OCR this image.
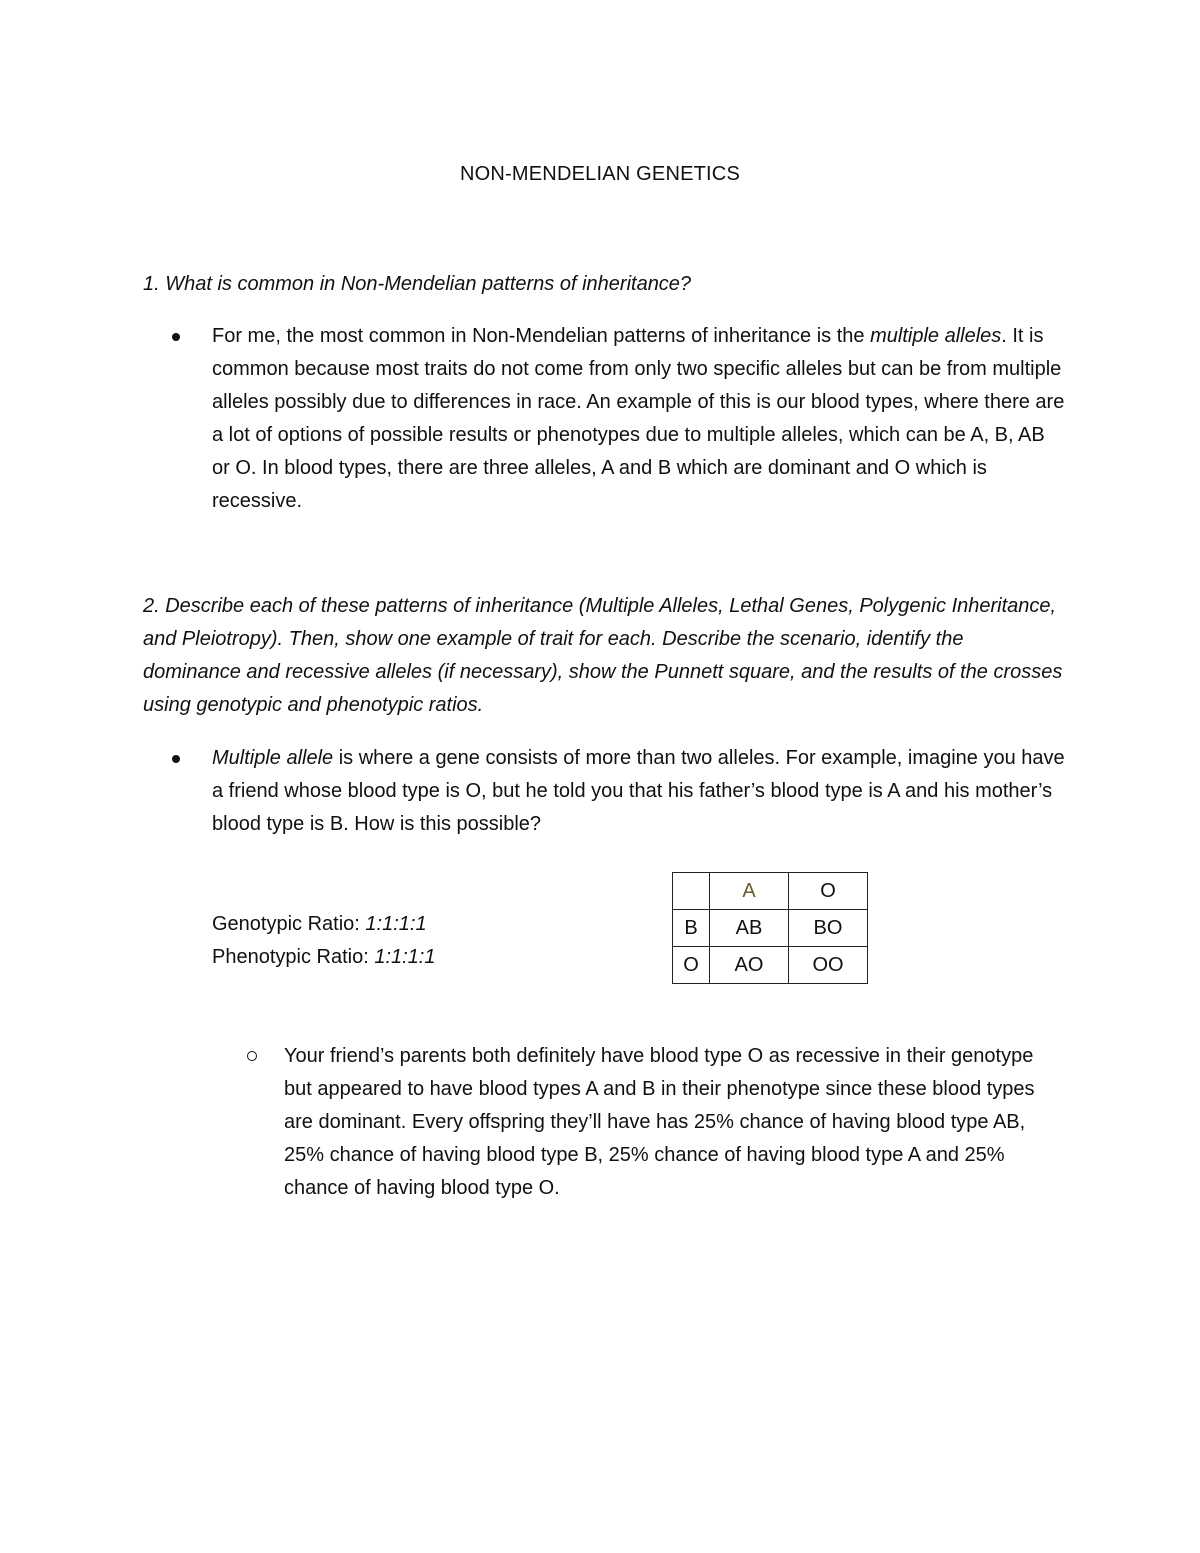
NON-MENDELIAN GENETICS
1. What is common in Non-Mendelian patterns of inheritance?
For me, the most common in Non-Mendelian patterns of inheritance is the multiple alleles. It is common because most traits do not come from only two specific alleles but can be from multiple alleles possibly due to differences in race. An example of this is our blood types, where there are a lot of options of possible results or phenotypes due to multiple alleles, which can be A, B, AB or O. In blood types, there are three alleles, A and B which are dominant and O which is recessive.
2. Describe each of these patterns of inheritance (Multiple Alleles, Lethal Genes, Polygenic Inheritance, and Pleiotropy). Then, show one example of trait for each. Describe the scenario, identify the dominance and recessive alleles (if necessary), show the Punnett square, and the results of the crosses using genotypic and phenotypic ratios.
Multiple allele is where a gene consists of more than two alleles. For example, imagine you have a friend whose blood type is O, but he told you that his father’s blood type is A and his mother’s blood type is B. How is this possible?
Genotypic Ratio: 1:1:1:1
Phenotypic Ratio: 1:1:1:1
	A	O
B	AB	BO
O	AO	OO
Your friend’s parents both definitely have blood type O as recessive in their genotype but appeared to have blood types A and B in their phenotype since these blood types are dominant. Every offspring they’ll have has 25% chance of having blood type AB, 25% chance of having blood type B, 25% chance of having blood type A and 25% chance of having blood type O.
